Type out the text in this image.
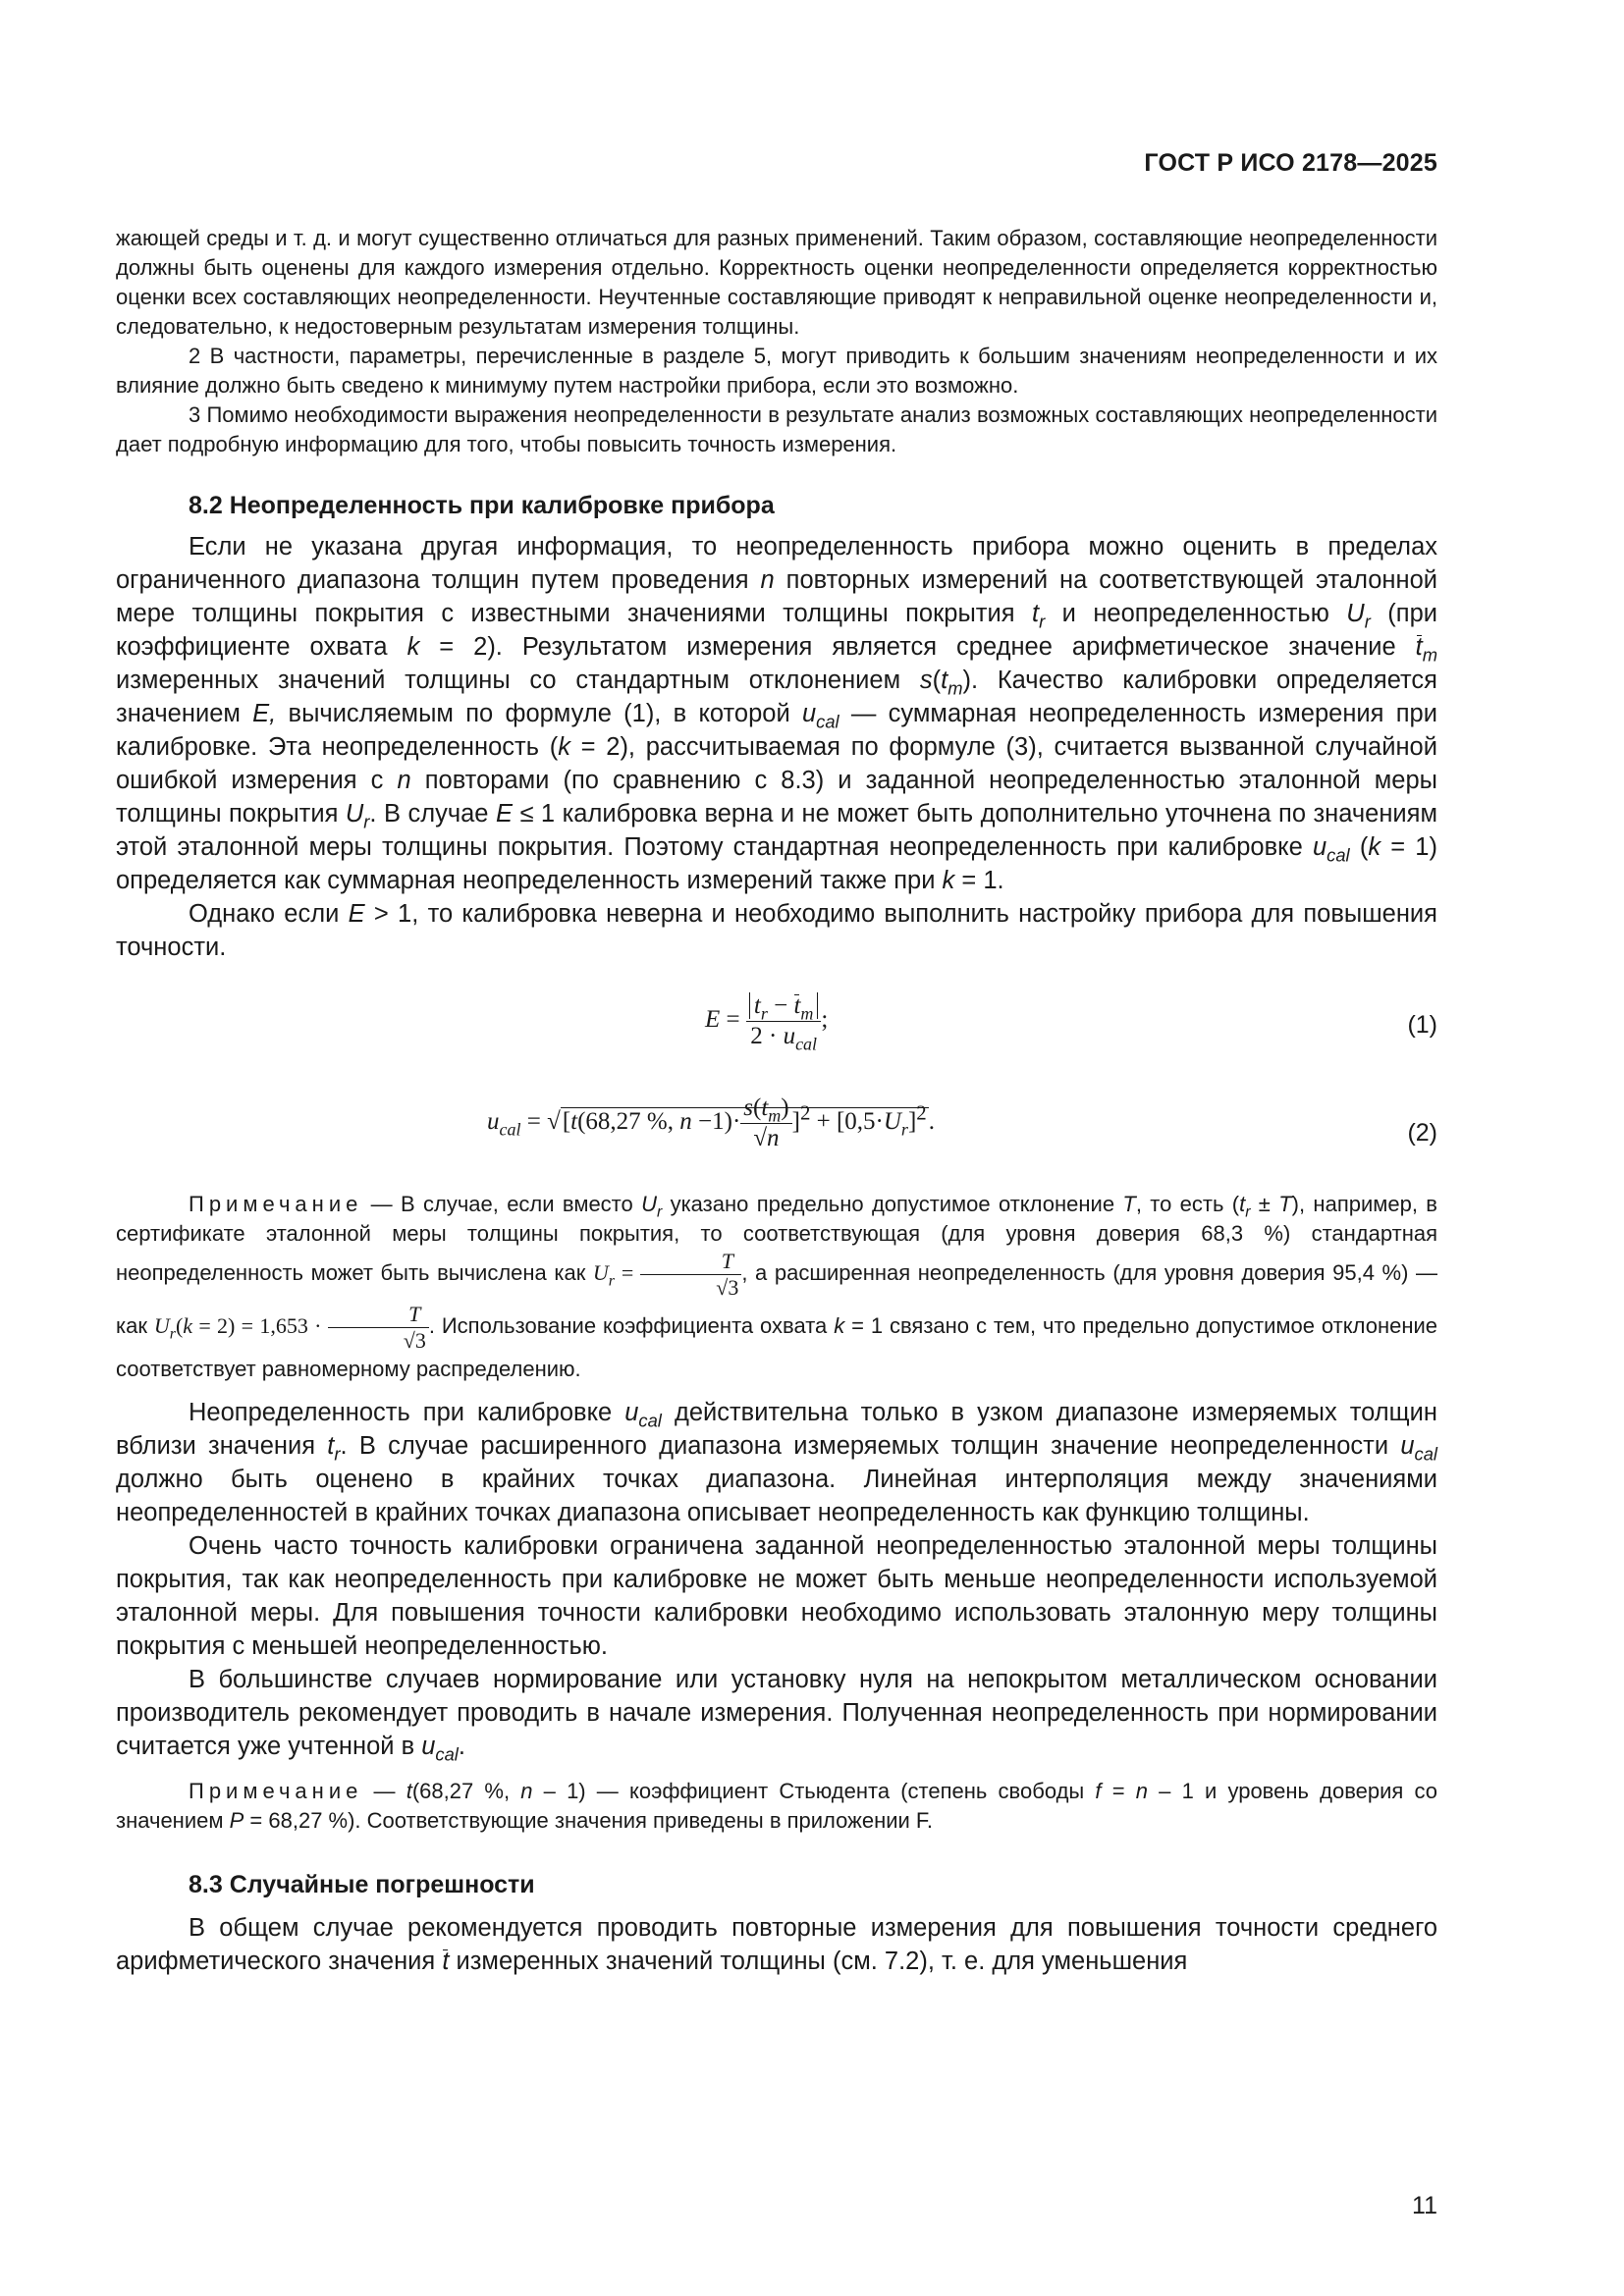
ГОСТ Р ИСО 2178—2025

жающей среды и т. д. и могут существенно отличаться для разных применений. Таким образом, составляющие неопределенности должны быть оценены для каждого измерения отдельно. Корректность оценки неопределенности определяется корректностью оценки всех составляющих неопределенности. Неучтенные составляющие приводят к неправильной оценке неопределенности и, следовательно, к недостоверным результатам измерения толщины.

2 В частности, параметры, перечисленные в разделе 5, могут приводить к большим значениям неопределенности и их влияние должно быть сведено к минимуму путем настройки прибора, если это возможно.

3 Помимо необходимости выражения неопределенности в результате анализ возможных составляющих неопределенности дает подробную информацию для того, чтобы повысить точность измерения.

8.2 Неопределенность при калибровке прибора

Если не указана другая информация, то неопределенность прибора можно оценить в пределах ограниченного диапазона толщин путем проведения n повторных измерений на соответствующей эталонной мере толщины покрытия с известными значениями толщины покрытия $t_r$ и неопределенностью $U_r$ (при коэффициенте охвата k = 2). Результатом измерения является среднее арифметическое значение $t_m$ измеренных значений толщины со стандартным отклонением $s(t_m)$. Качество калибровки определяется значением E, вычисляемым по формуле (1), в которой $u_{cal}$ — суммарная неопределенность измерения при калибровке. Эта неопределенность (k = 2), рассчитываемая по формуле (3), считается вызванной случайной ошибкой измерения с n повторами (по сравнению с 8.3) и заданной неопределенностью эталонной меры толщины покрытия $U_r$. В случае E ≤ 1 калибровка верна и не может быть дополнительно уточнена по значениям этой эталонной меры толщины покрытия. Поэтому стандартная неопределенность при калибровке $u_{cal}$ (k = 1) определяется как суммарная неопределенность измерений также при k = 1.

Однако если E > 1, то калибровка неверна и необходимо выполнить настройку прибора для повышения точности.

$E = \frac{t_r - t_m}{2 \cdot u_{cal}}$ ;	(1)
$u_{cal} = √[t(68,27$ %, $n -1)\cdot \frac{s(t_m)}{√n} ]^2 + [0,5\cdot U_r]^2$.	(2)

Примечание — В случае, если вместо $U_r$ указано предельно допустимое отклонение T, то есть $(t_r \pm T)$, например, в сертификате эталонной меры толщины покрытия, то соответствующая (для уровня доверия 68,3 %) стандартная неопределенность может быть вычислена как $U_r = \frac{T}{√3}$ , а расширенная неопределенность (для уровня доверия 95,4 %) — как $U_r(k = 2) = 1,653 \cdot \frac{T}{√3}$ . Использование коэффициента охвата k = 1 связано с тем, что предельно допустимое отклонение соответствует равномерному распределению.

Неопределенность при калибровке $u_{cal}$ действительна только в узком диапазоне измеряемых толщин вблизи значения $t_r$. В случае расширенного диапазона измеряемых толщин значение неопределенности $u_{cal}$ должно быть оценено в крайних точках диапазона. Линейная интерполяция между значениями неопределенностей в крайних точках диапазона описывает неопределенность как функцию толщины.

Очень часто точность калибровки ограничена заданной неопределенностью эталонной меры толщины покрытия, так как неопределенность при калибровке не может быть меньше неопределенности используемой эталонной меры. Для повышения точности калибровки необходимо использовать эталонную меру толщины покрытия с меньшей неопределенностью.

В большинстве случаев нормирование или установку нуля на непокрытом металлическом основании производитель рекомендует проводить в начале измерения. Полученная неопределенность при нормировании считается уже учтенной в $u_{cal}$.

Примечание — t(68,27 %, n – 1) — коэффициент Стьюдента (степень свободы f = n – 1 и уровень доверия со значением P = 68,27 %). Соответствующие значения приведены в приложении F.

8.3 Случайные погрешности

В общем случае рекомендуется проводить повторные измерения для повышения точности среднего арифметического значения t измеренных значений толщины (см. 7.2), т. е. для уменьшения

11
